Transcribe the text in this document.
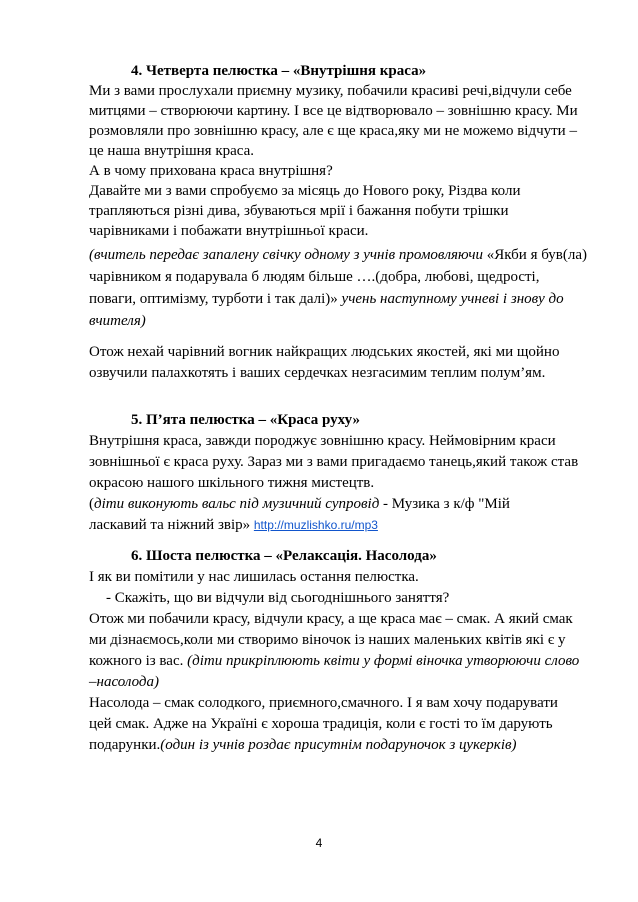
4. Четверта пелюстка – «Внутрішня краса»
Ми з вами прослухали приємну музику, побачили красиві речі,відчули себе
митцями – створюючи картину. І все це відтворювало – зовнішню красу. Ми
розмовляли про зовнішню красу, але є ще краса,яку ми не можемо відчути –
це наша внутрішня краса.
А в чому прихована краса внутрішня?
Давайте ми з вами спробуємо за місяць до Нового року, Різдва коли
трапляються різні дива, збуваються мрії і бажання побути трішки
чарівниками і побажати внутрішньої краси.
(вчитель передає запалену свічку одному з учнів промовляючи «Якби я був(ла)
чарівником я подарувала б людям більше ….(добра, любові, щедрості,
поваги, оптимізму, турботи і так далі)» учень наступному учневі і знову до
вчителя)
Отож нехай чарівний вогник найкращих людських якостей, які ми щойно
озвучили палахкотять і ваших сердечках незгасимим теплим полум’ям.
5. П’ята пелюстка – «Краса руху»
Внутрішня краса, завжди породжує зовнішню красу. Неймовірним краси
зовнішньої є краса руху. Зараз ми з вами пригадаємо танець,який також став
окрасою нашого шкільного тижня мистецтв.
(діти виконують вальс під музичний супровід - Музика з к/ф "Мій
ласкавий та ніжний звір» http://muzlishko.ru/mp3
6. Шоста пелюстка – «Релаксація. Насолода»
І як ви помітили у нас лишилась остання пелюстка.
- Скажіть, що ви відчули від сьогоднішнього заняття?
Отож ми побачили красу, відчули красу, а ще краса має – смак. А який смак
ми дізнаємось,коли ми створимо віночок із наших маленьких квітів які є у
кожного із вас. (діти прикріплюють квіти у формі віночка утворюючи слово
–насолода)
Насолода – смак солодкого, приємного,смачного. І я вам хочу подарувати
цей смак. Адже на Україні є хороша традиція, коли є гості то їм дарують
подарунки.(один із учнів роздає присутнім подаруночок з цукерків)
4
